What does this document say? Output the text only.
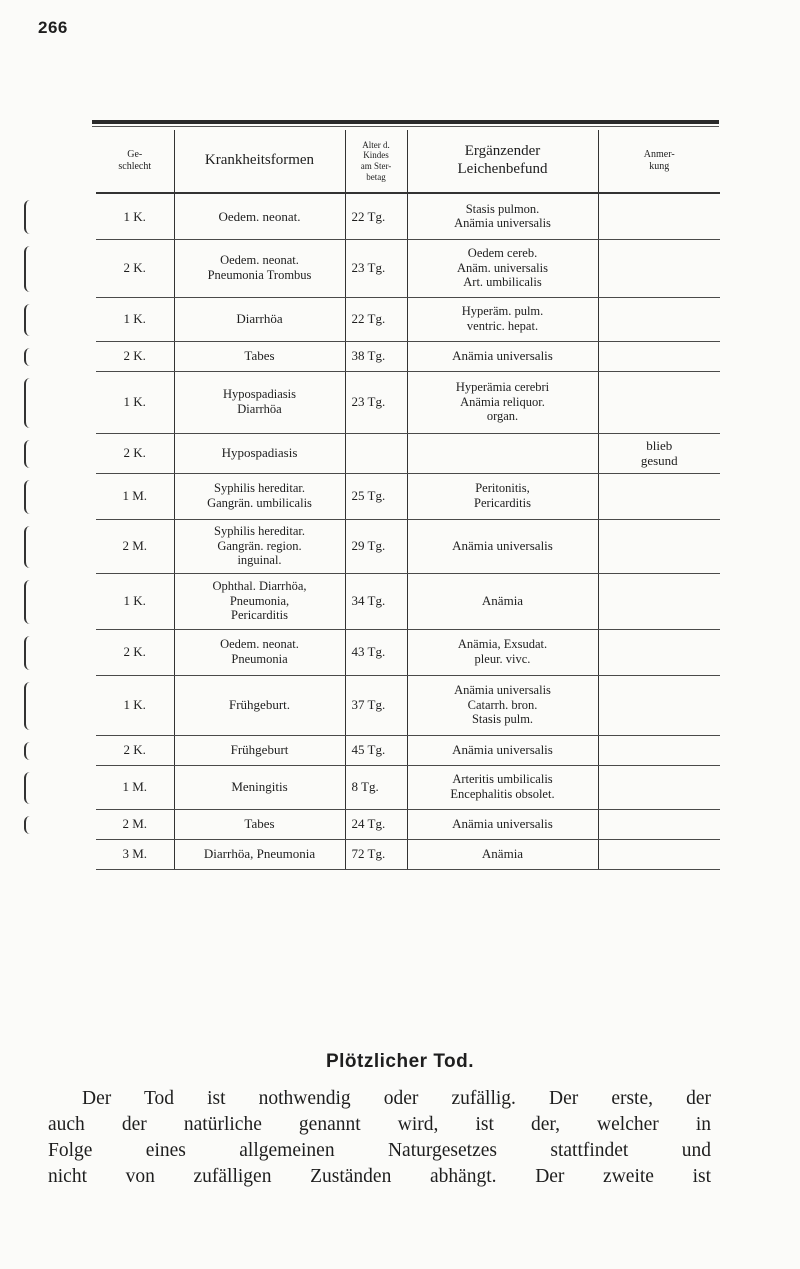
266
Ge-
schlecht	Krankheitsformen	Alter d.
Kindes
am Ster-
betag	Ergänzender
Leichenbefund	Anmer-
kung

1 K.	Oedem. neonat.	22 Tg.	Stasis pulmon.
Anämia universalis	

2 K.	Oedem. neonat.
Pneumonia Trombus	23 Tg.	Oedem cereb.
Anäm. universalis
Art. umbilicalis	

1 K.	Diarrhöa	22 Tg.	Hyperäm. pulm.
ventric. hepat.	

2 K.	Tabes	38 Tg.	Anämia universalis	

1 K.	Hypospadiasis
Diarrhöa	23 Tg.	Hyperämia cerebri
Anämia reliquor.
organ.	

2 K.	Hypospadiasis			blieb
gesund

1 M.	Syphilis hereditar.
Gangrän. umbilicalis	25 Tg.	Peritonitis,
Pericarditis	

2 M.	Syphilis hereditar.
Gangrän. region.
inguinal.	29 Tg.	Anämia universalis	

1 K.	Ophthal. Diarrhöa,
Pneumonia,
Pericarditis	34 Tg.	Anämia	

2 K.	Oedem. neonat.
Pneumonia	43 Tg.	Anämia, Exsudat.
pleur. vivc.	

1 K.	Frühgeburt.	37 Tg.	Anämia universalis
Catarrh. bron.
Stasis pulm.	

2 K.	Frühgeburt	45 Tg.	Anämia universalis	

1 M.	Meningitis	8 Tg.	Arteritis umbilicalis
Encephalitis obsolet.	

2 M.	Tabes	24 Tg.	Anämia universalis	

3 M.	Diarrhöa, Pneumonia	72 Tg.	Anämia	

Plötzlicher Tod.
Der Tod ist nothwendig oder zufällig. Der erste, der
auch der natürliche genannt wird, ist der, welcher in
Folge eines allgemeinen Naturgesetzes stattfindet und
nicht von zufälligen Zuständen abhängt. Der zweite ist
